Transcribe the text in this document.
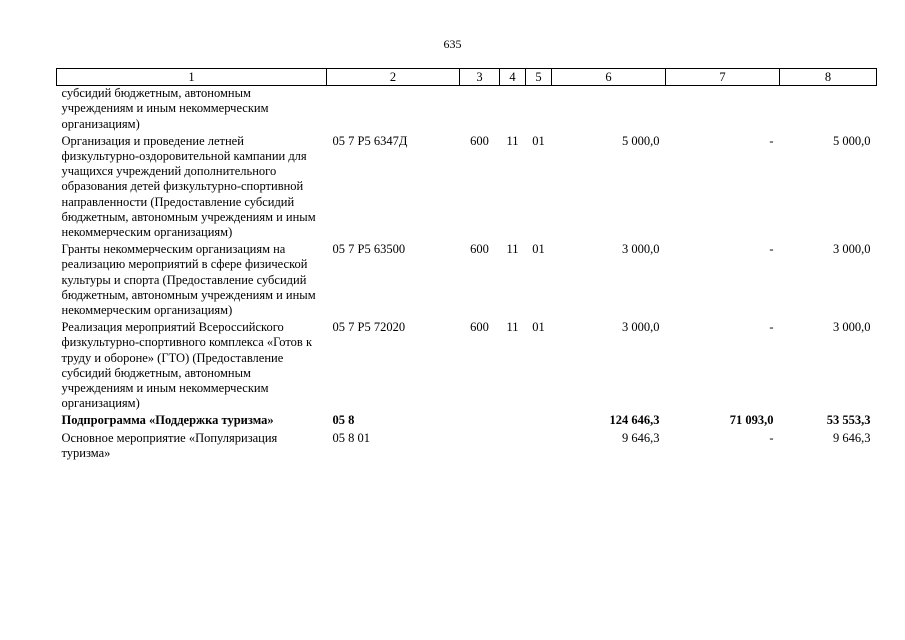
635
1	2	3	4	5	6	7	8
субсидий бюджетным, автономным учреждениям и иным некоммерческим организациям)							
Организация и проведение летней физкультурно-оздоровительной кампании для учащихся учреждений дополнительного образования детей физкультурно-спортивной направленности (Предоставление субсидий бюджетным, автономным учреждениям и иным некоммерческим организациям)	05 7 Р5 6347Д	600	11	01	5 000,0	-	5 000,0
Гранты некоммерческим организациям на реализацию мероприятий в сфере физической культуры и спорта (Предоставление субсидий бюджетным, автономным учреждениям и иным некоммерческим организациям)	05 7 Р5 63500	600	11	01	3 000,0	-	3 000,0
Реализация мероприятий Всероссийского физкультурно-спортивного комплекса «Готов к труду и обороне» (ГТО) (Предоставление субсидий бюджетным, автономным учреждениям и иным некоммерческим организациям)	05 7 Р5 72020	600	11	01	3 000,0	-	3 000,0
Подпрограмма «Поддержка туризма»	05 8				124 646,3	71 093,0	53 553,3
Основное мероприятие «Популяризация туризма»	05 8 01				9 646,3	-	9 646,3
